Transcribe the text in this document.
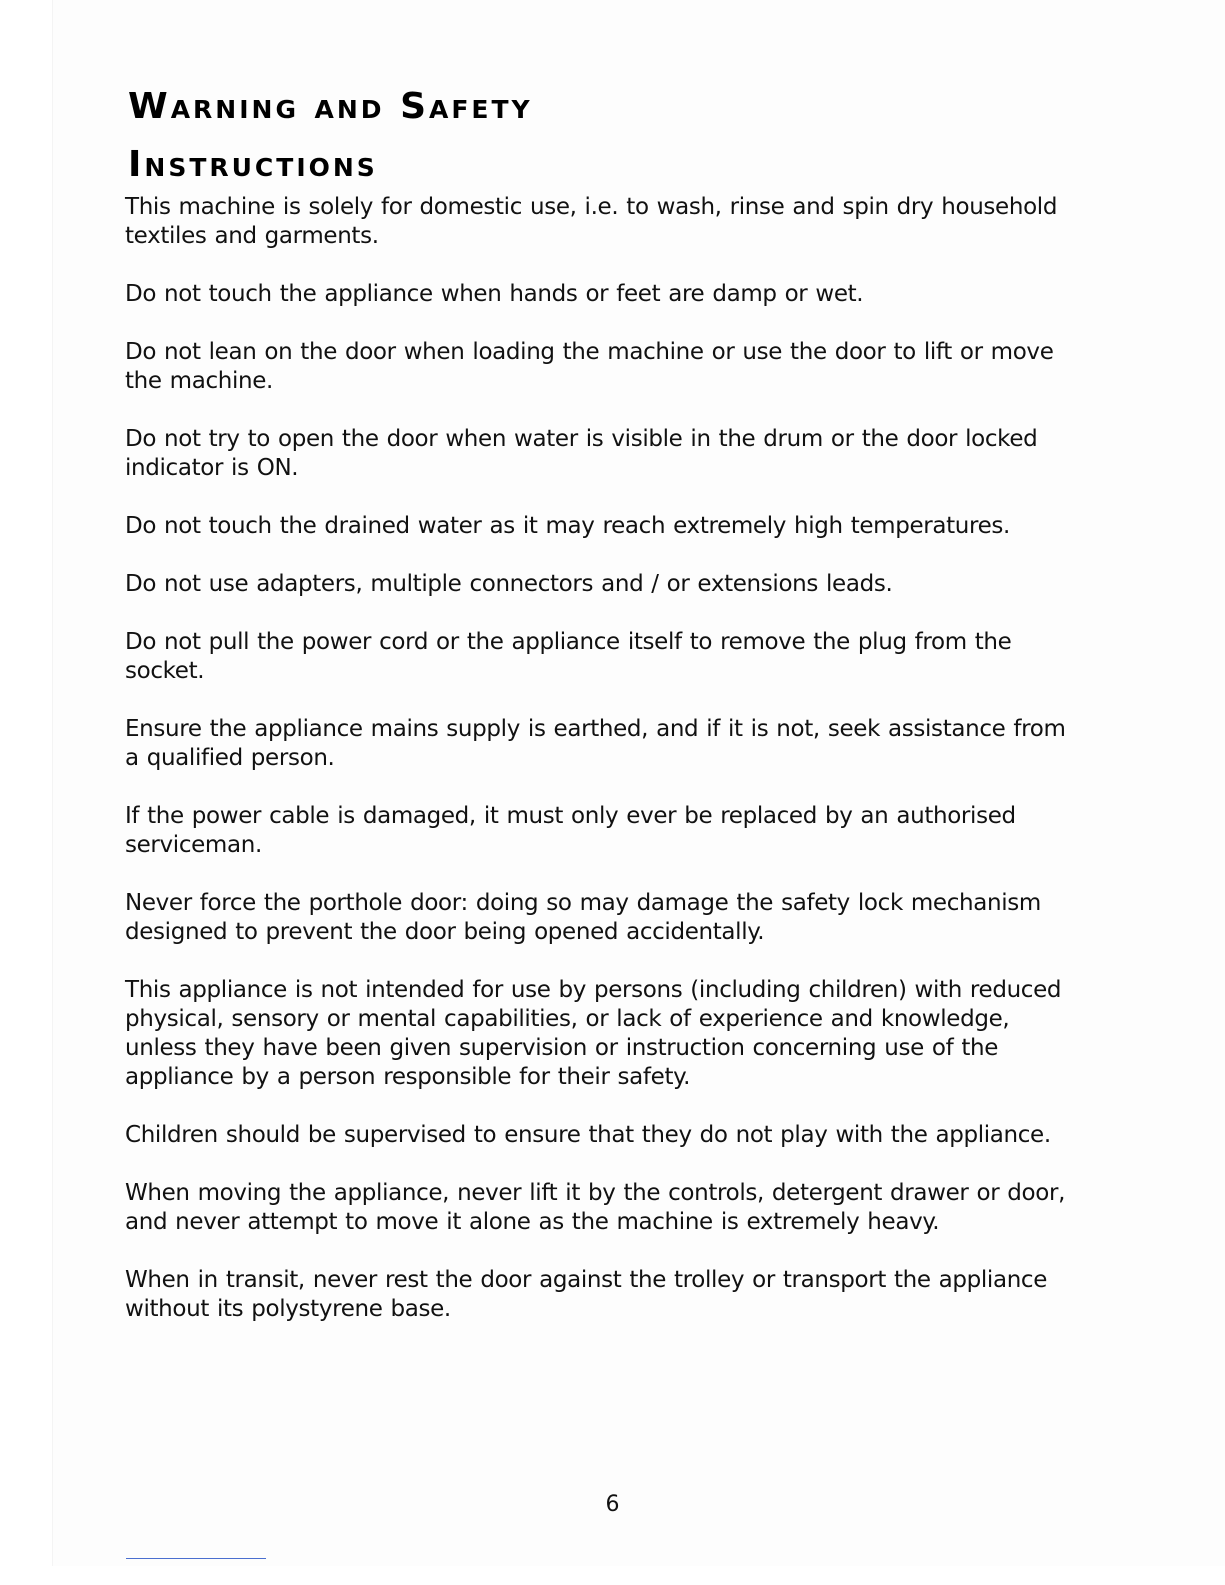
Warning and Safety
Instructions

This machine is solely for domestic use, i.e. to wash, rinse and spin dry household textiles and garments.

Do not touch the appliance when hands or feet are damp or wet.

Do not lean on the door when loading the machine or use the door to lift or move the machine.

Do not try to open the door when water is visible in the drum or the door locked indicator is ON.

Do not touch the drained water as it may reach extremely high temperatures.

Do not use adapters, multiple connectors and / or extensions leads.

Do not pull the power cord or the appliance itself to remove the plug from the socket.

Ensure the appliance mains supply is earthed, and if it is not, seek assistance from a qualified person.

If the power cable is damaged, it must only ever be replaced by an authorised serviceman.

Never force the porthole door: doing so may damage the safety lock mechanism designed to prevent the door being opened accidentally.

This appliance is not intended for use by persons (including children) with reduced physical, sensory or mental capabilities, or lack of experience and knowledge, unless they have been given supervision or instruction concerning use of the appliance by a person responsible for their safety.

Children should be supervised to ensure that they do not play with the appliance.

When moving the appliance, never lift it by the controls, detergent drawer or door, and never attempt to move it alone as the machine is extremely heavy.

When in transit, never rest the door against the trolley or transport the appliance without its polystyrene base.

6
